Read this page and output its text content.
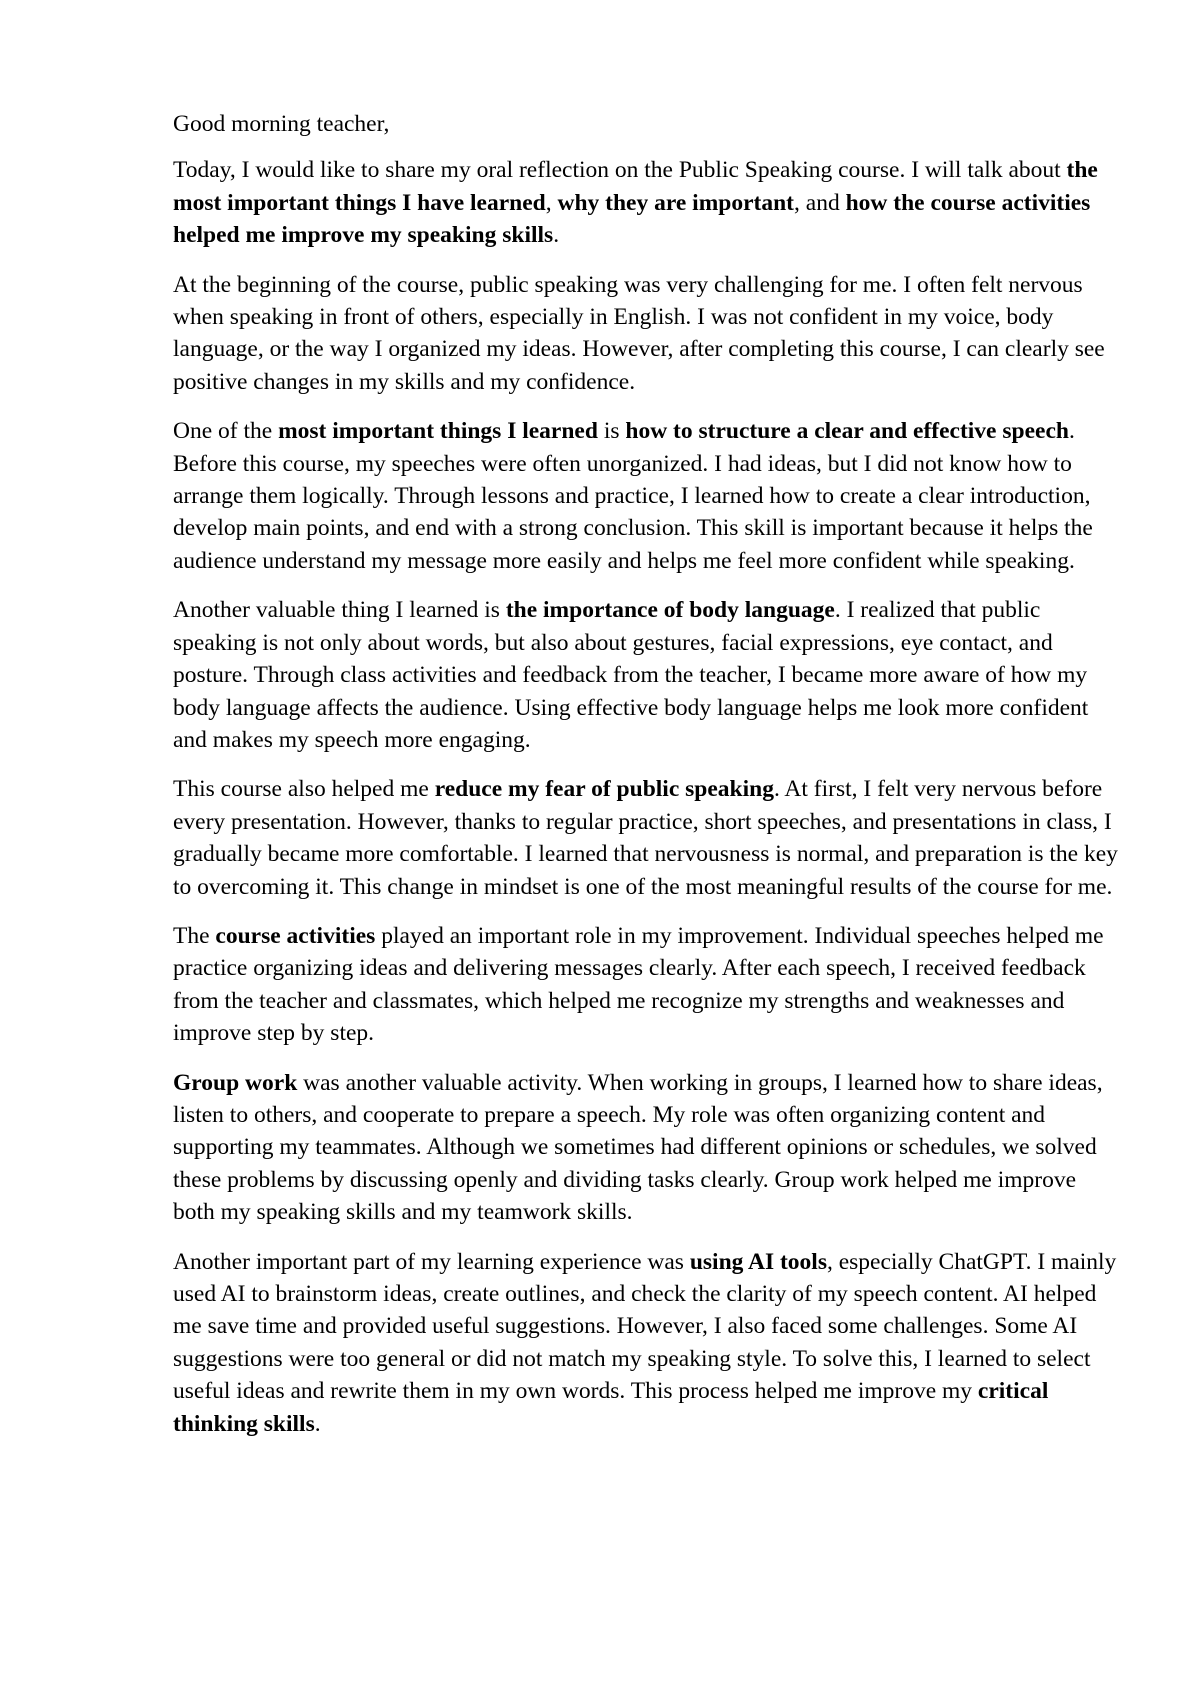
Good morning teacher,

Today, I would like to share my oral reflection on the Public Speaking course. I will talk about the most important things I have learned, why they are important, and how the course activities helped me improve my speaking skills.

At the beginning of the course, public speaking was very challenging for me. I often felt nervous when speaking in front of others, especially in English. I was not confident in my voice, body language, or the way I organized my ideas. However, after completing this course, I can clearly see positive changes in my skills and my confidence.

One of the most important things I learned is how to structure a clear and effective speech. Before this course, my speeches were often unorganized. I had ideas, but I did not know how to arrange them logically. Through lessons and practice, I learned how to create a clear introduction, develop main points, and end with a strong conclusion. This skill is important because it helps the audience understand my message more easily and helps me feel more confident while speaking.

Another valuable thing I learned is the importance of body language. I realized that public speaking is not only about words, but also about gestures, facial expressions, eye contact, and posture. Through class activities and feedback from the teacher, I became more aware of how my body language affects the audience. Using effective body language helps me look more confident and makes my speech more engaging.

This course also helped me reduce my fear of public speaking. At first, I felt very nervous before every presentation. However, thanks to regular practice, short speeches, and presentations in class, I gradually became more comfortable. I learned that nervousness is normal, and preparation is the key to overcoming it. This change in mindset is one of the most meaningful results of the course for me.

The course activities played an important role in my improvement. Individual speeches helped me practice organizing ideas and delivering messages clearly. After each speech, I received feedback from the teacher and classmates, which helped me recognize my strengths and weaknesses and improve step by step.

Group work was another valuable activity. When working in groups, I learned how to share ideas, listen to others, and cooperate to prepare a speech. My role was often organizing content and supporting my teammates. Although we sometimes had different opinions or schedules, we solved these problems by discussing openly and dividing tasks clearly. Group work helped me improve both my speaking skills and my teamwork skills.

Another important part of my learning experience was using AI tools, especially ChatGPT. I mainly used AI to brainstorm ideas, create outlines, and check the clarity of my speech content. AI helped me save time and provided useful suggestions. However, I also faced some challenges. Some AI suggestions were too general or did not match my speaking style. To solve this, I learned to select useful ideas and rewrite them in my own words. This process helped me improve my critical thinking skills.
